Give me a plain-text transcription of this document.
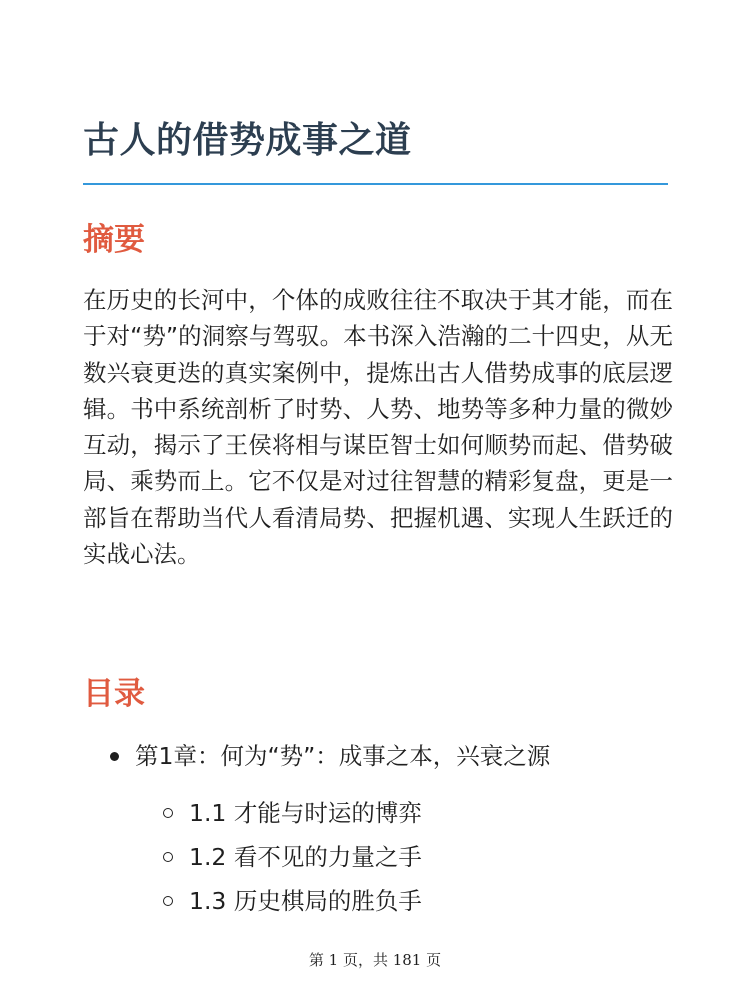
古人的借势成事之道
摘要

在历史的长河中，个体的成败往往不取决于其才能，而在于对“势”的洞察与驾驭。本书深入浩瀚的二十四史，从无数兴衰更迭的真实案例中，提炼出古人借势成事的底层逻辑。书中系统剖析了时势、人势、地势等多种力量的微妙互动，揭示了王侯将相与谋臣智士如何顺势而起、借势破局、乘势而上。它不仅是对过往智慧的精彩复盘，更是一部旨在帮助当代人看清局势、把握机遇、实现人生跃迁的实战心法。

目录
第1章：何为“势”：成事之本，兴衰之源
1.1 才能与时运的博弈
1.2 看不见的力量之手
1.3 历史棋局的胜负手
第 1 页，共 181 页
